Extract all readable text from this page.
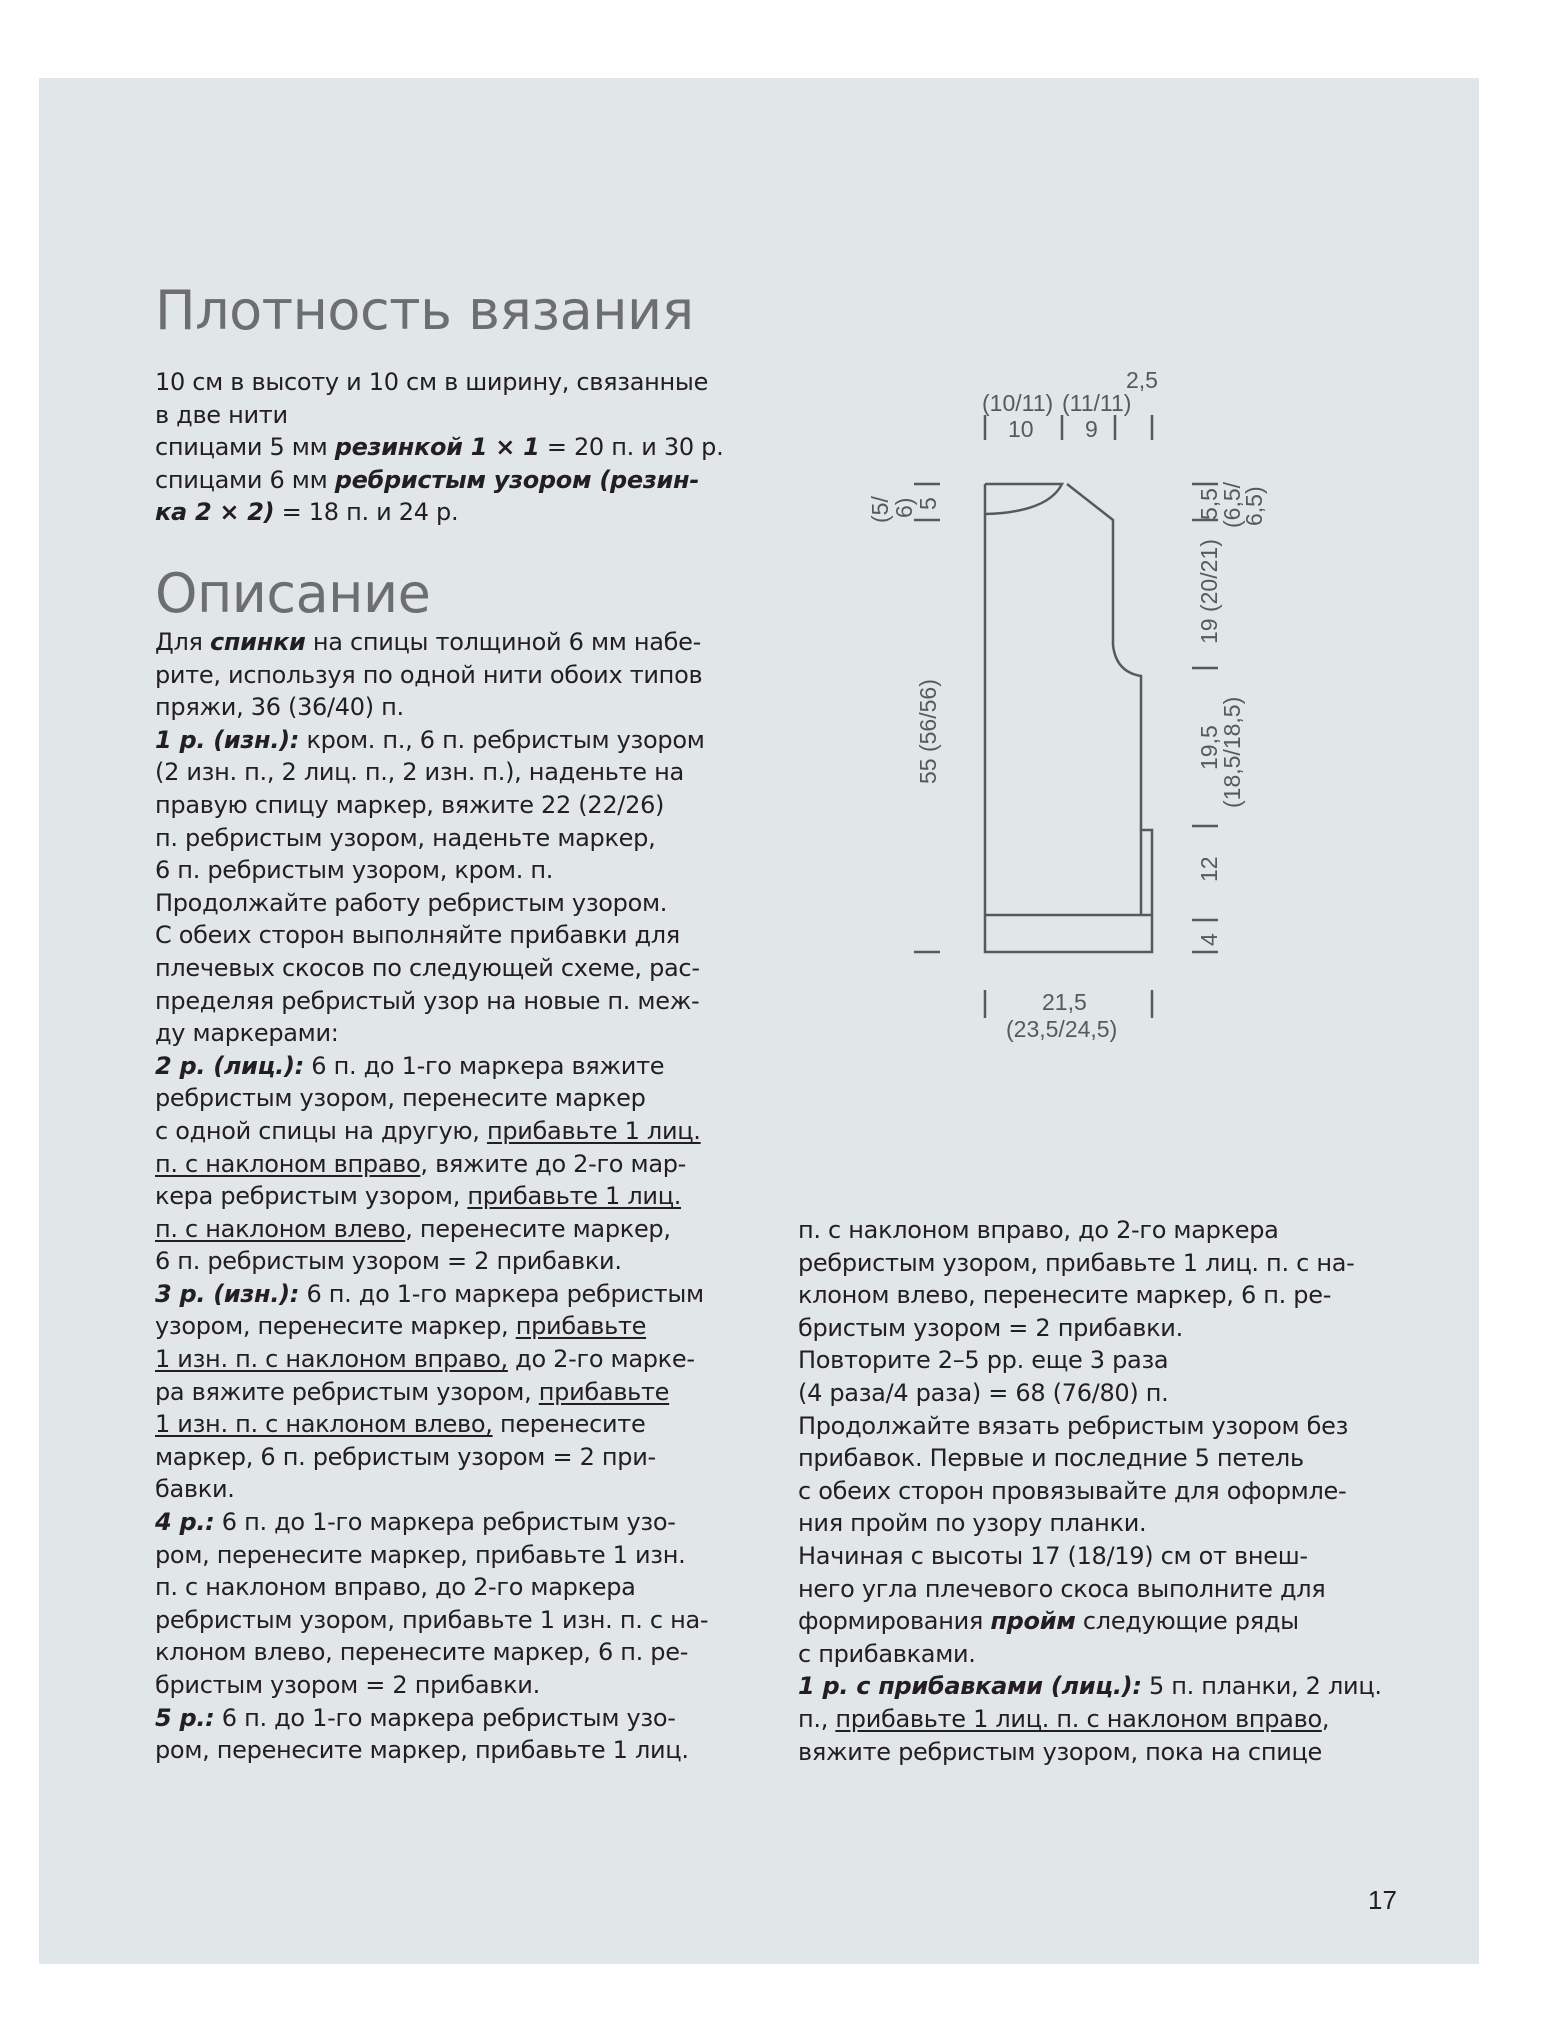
Плотность вязания
10 см в высоту и 10 см в ширину, связанные
в две нити
спицами 5 мм резинкой 1 × 1 = 20 п. и 30 р.
спицами 6 мм ребристым узором (резин-
ка 2 × 2) = 18 п. и 24 р.
Описание
Для спинки на спицы толщиной 6 мм набе-
рите, используя по одной нити обоих типов
пряжи, 36 (36/40) п.
1 р. (изн.): кром. п., 6 п. ребристым узором
(2 изн. п., 2 лиц. п., 2 изн. п.), наденьте на
правую спицу маркер, вяжите 22 (22/26)
п. ребристым узором, наденьте маркер,
6 п. ребристым узором, кром. п.
Продолжайте работу ребристым узором.
С обеих сторон выполняйте прибавки для
плечевых скосов по следующей схеме, рас-
пределяя ребристый узор на новые п. меж-
ду маркерами:
2 р. (лиц.): 6 п. до 1-го маркера вяжите
ребристым узором, перенесите маркер
с одной спицы на другую, прибавьте 1 лиц.
п. с наклоном вправо, вяжите до 2-го мар-
кера ребристым узором, прибавьте 1 лиц.
п. с наклоном влево, перенесите маркер,
6 п. ребристым узором = 2 прибавки.
3 р. (изн.): 6 п. до 1-го маркера ребристым
узором, перенесите маркер, прибавьте
1 изн. п. с наклоном вправо, до 2-го марке-
ра вяжите ребристым узором, прибавьте
1 изн. п. с наклоном влево, перенесите
маркер, 6 п. ребристым узором = 2 при-
бавки.
4 р.: 6 п. до 1-го маркера ребристым узо-
ром, перенесите маркер, прибавьте 1 изн.
п. с наклоном вправо, до 2-го маркера
ребристым узором, прибавьте 1 изн. п. с на-
клоном влево, перенесите маркер, 6 п. ре-
бристым узором = 2 прибавки.
5 р.: 6 п. до 1-го маркера ребристым узо-
ром, перенесите маркер, прибавьте 1 лиц.
п. с наклоном вправо, до 2-го маркера
ребристым узором, прибавьте 1 лиц. п. с на-
клоном влево, перенесите маркер, 6 п. ре-
бристым узором = 2 прибавки.
Повторите 2–5 рр. еще 3 раза
(4 раза/4 раза) = 68 (76/80) п.
Продолжайте вязать ребристым узором без
прибавок. Первые и последние 5 петель
с обеих сторон провязывайте для оформле-
ния пройм по узору планки.
Начиная с высоты 17 (18/19) см от внеш-
него угла плечевого скоса выполните для
формирования пройм следующие ряды
с прибавками.
1 р. с прибавками (лиц.): 5 п. планки, 2 лиц.
п., прибавьте 1 лиц. п. с наклоном вправо,
вяжите ребристым узором, пока на спице
2,5
(10/11)
10
(11/11)
9
(5/
6)
5
55 (56/56)
5,5
(6,5/
6,5)
19 (20/21)
19,5
(18,5/18,5)
12
4
21,5
(23,5/24,5)
17
